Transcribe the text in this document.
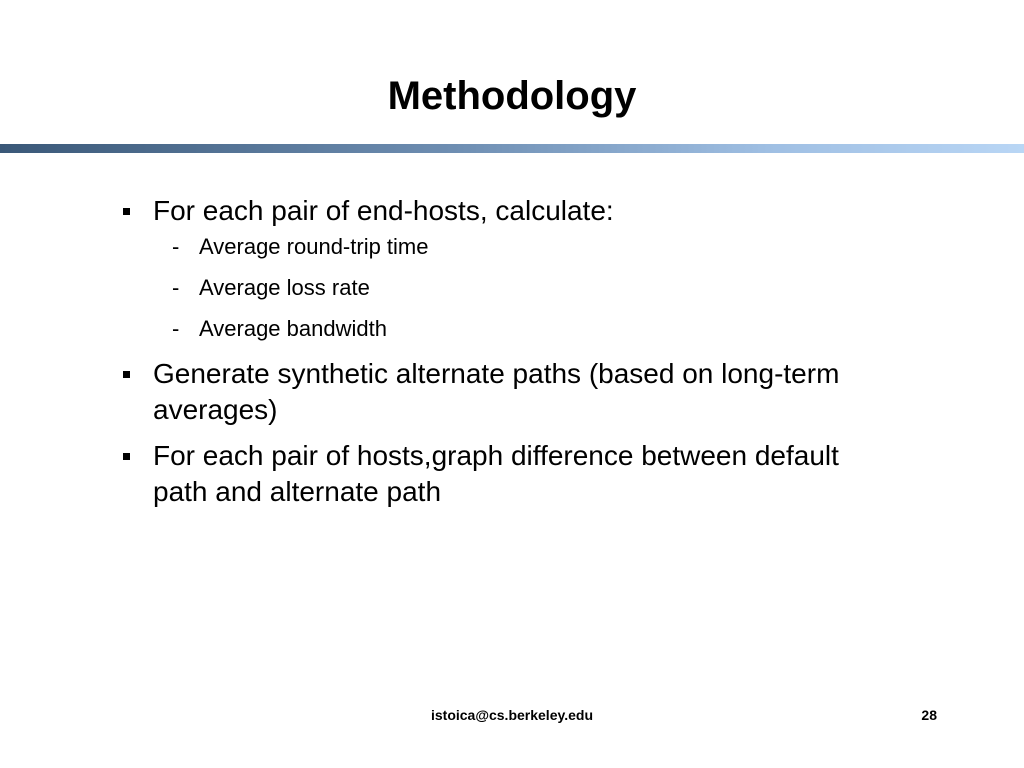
Methodology
For each pair of end-hosts, calculate:
- Average round-trip time
- Average loss rate
- Average bandwidth
Generate synthetic alternate paths (based on long-term averages)
For each pair of hosts,graph difference between default path and alternate path
istoica@cs.berkeley.edu	28
